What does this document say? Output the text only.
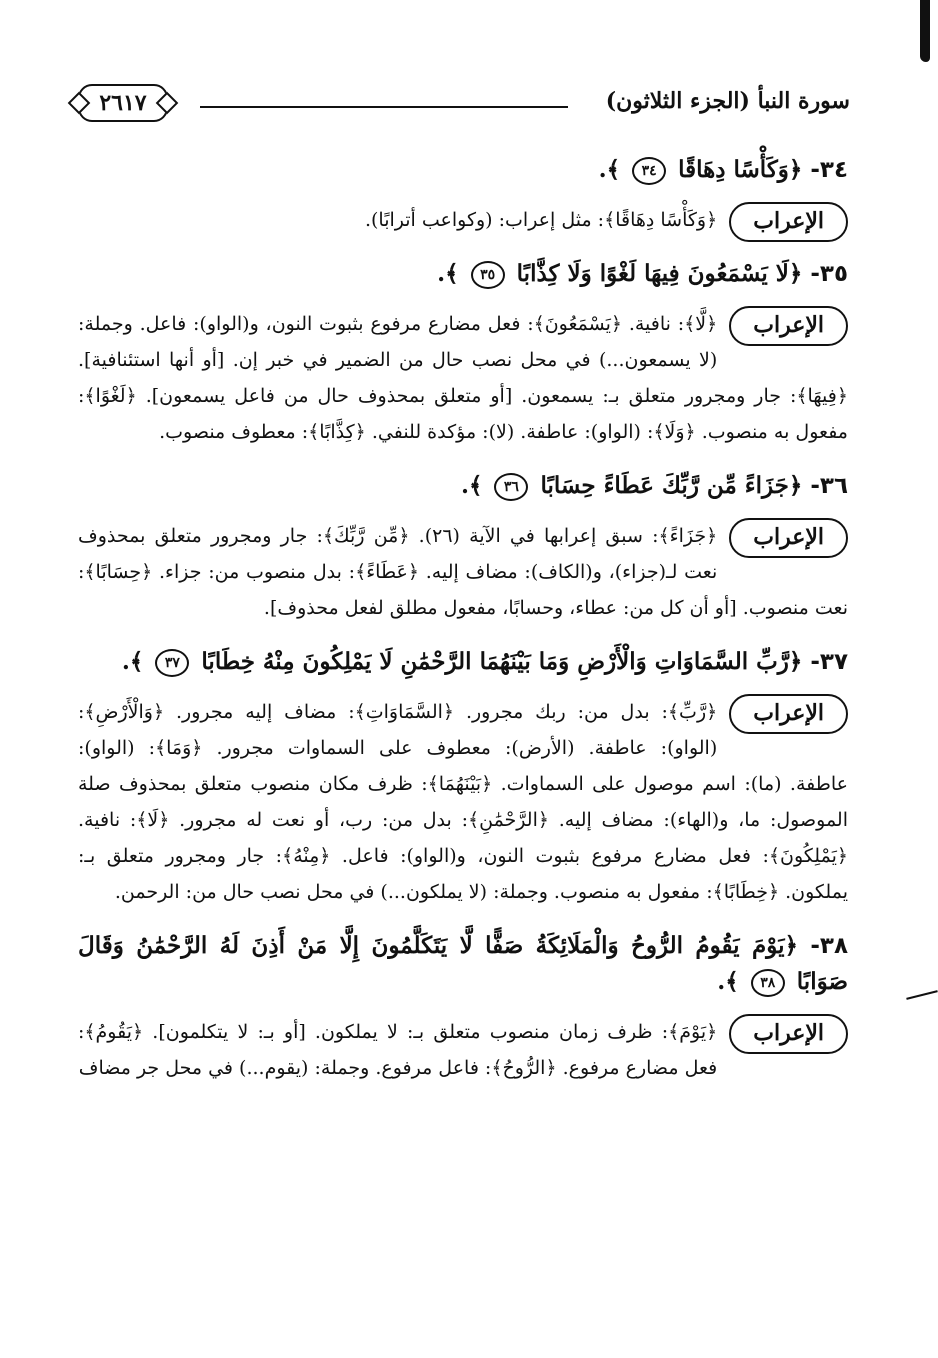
٢٦١٧	سورة النبأ (الجزء الثلاثون)
٣٤- ﴿وَكَأْسًا دِهَاقًا ٣٤ ﴾.
الإعراب
﴿وَكَأْسًا دِهَاقًا﴾: مثل إعراب: (وكواعب أترابًا).
٣٥- ﴿لَا يَسْمَعُونَ فِيهَا لَغْوًا وَلَا كِذَّابًا ٣٥ ﴾.
الإعراب
﴿لَّا﴾: نافية. ﴿يَسْمَعُونَ﴾: فعل مضارع مرفوع بثبوت النون، و(الواو): فاعل. وجملة: (لا يسمعون...) في محل نصب حال من الضمير في خبر إن. [أو أنها استئنافية]. ﴿فِيهَا﴾: جار ومجرور متعلق بـ: يسمعون. [أو متعلق بمحذوف حال من فاعل يسمعون]. ﴿لَغْوًا﴾: مفعول به منصوب. ﴿وَلَا﴾: (الواو): عاطفة. (لا): مؤكدة للنفي. ﴿كِذَّابًا﴾: معطوف منصوب.
٣٦- ﴿جَزَاءً مِّن رَّبِّكَ عَطَاءً حِسَابًا ٣٦ ﴾.
الإعراب
﴿جَزَاءً﴾: سبق إعرابها في الآية (٢٦). ﴿مِّن رَّبِّكَ﴾: جار ومجرور متعلق بمحذوف نعت لـ(جزاء)، و(الكاف): مضاف إليه. ﴿عَطَاءً﴾: بدل منصوب من: جزاء. ﴿حِسَابًا﴾: نعت منصوب. [أو أن كل من: عطاء، وحسابًا، مفعول مطلق لفعل محذوف].
٣٧- ﴿رَّبِّ السَّمَاوَاتِ وَالْأَرْضِ وَمَا بَيْنَهُمَا الرَّحْمَٰنِ لَا يَمْلِكُونَ مِنْهُ خِطَابًا ٣٧ ﴾.
الإعراب
﴿رَّبِّ﴾: بدل من: ربك مجرور. ﴿السَّمَاوَاتِ﴾: مضاف إليه مجرور. ﴿وَالْأَرْضِ﴾: (الواو): عاطفة. (الأرض): معطوف على السماوات مجرور. ﴿وَمَا﴾: (الواو): عاطفة. (ما): اسم موصول على السماوات. ﴿بَيْنَهُمَا﴾: ظرف مكان منصوب متعلق بمحذوف صلة الموصول: ما، و(الهاء): مضاف إليه. ﴿الرَّحْمَٰنِ﴾: بدل من: رب، أو نعت له مجرور. ﴿لَا﴾: نافية. ﴿يَمْلِكُونَ﴾: فعل مضارع مرفوع بثبوت النون، و(الواو): فاعل. ﴿مِنْهُ﴾: جار ومجرور متعلق بـ: يملكون. ﴿خِطَابًا﴾: مفعول به منصوب. وجملة: (لا يملكون...) في محل نصب حال من: الرحمن.
٣٨- ﴿يَوْمَ يَقُومُ الرُّوحُ وَالْمَلَائِكَةُ صَفًّا لَّا يَتَكَلَّمُونَ إِلَّا مَنْ أَذِنَ لَهُ الرَّحْمَٰنُ وَقَالَ صَوَابًا ٣٨ ﴾.
الإعراب
﴿يَوْمَ﴾: ظرف زمان منصوب متعلق بـ: لا يملكون. [أو بـ: لا يتكلمون]. ﴿يَقُومُ﴾: فعل مضارع مرفوع. ﴿الرُّوحُ﴾: فاعل مرفوع. وجملة: (يقوم...) في محل جر مضاف
